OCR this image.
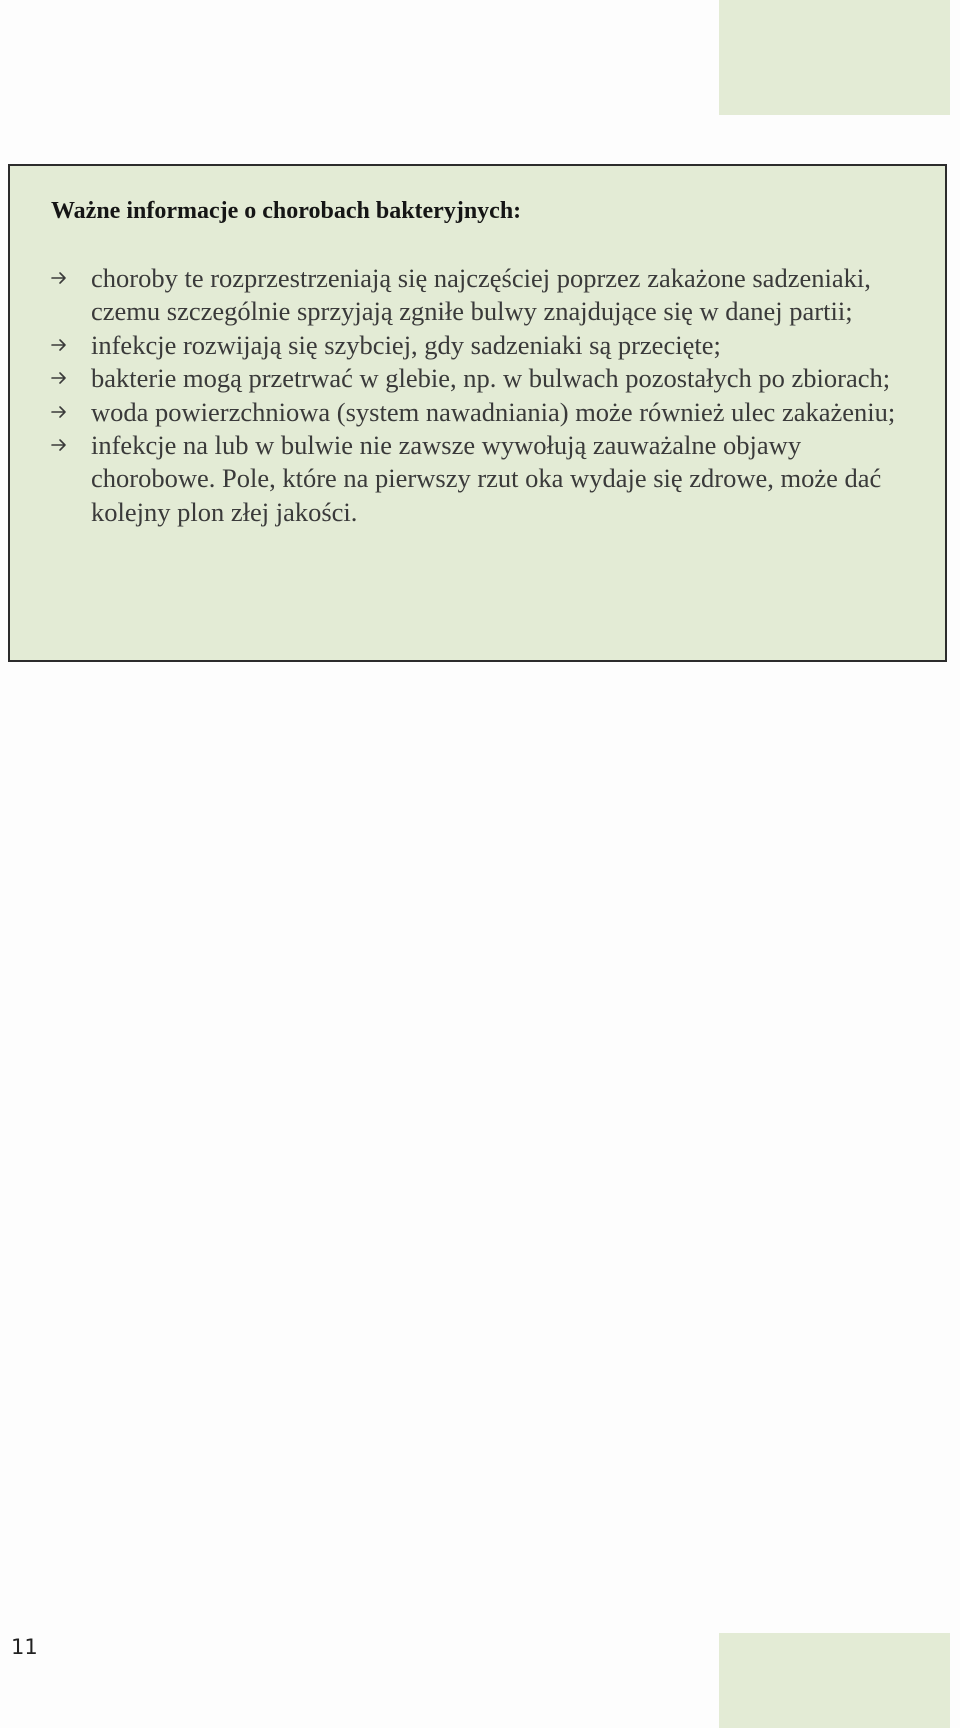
Ważne informacje o chorobach bakteryjnych:
choroby te rozprzestrzeniają się najczęściej poprzez zakażone sadzeniaki, czemu szczególnie sprzyjają zgniłe bulwy znajdujące się w danej partii;
infekcje rozwijają się szybciej, gdy sadzeniaki są przecięte;
bakterie mogą przetrwać w glebie, np. w bulwach pozostałych po zbiorach;
woda powierzchniowa (system nawadniania) może również ulec zakażeniu;
infekcje na lub w bulwie nie zawsze wywołują zauważalne objawy chorobowe. Pole, które na pierwszy rzut oka wydaje się zdrowe, może dać kolejny plon złej jakości.
11
